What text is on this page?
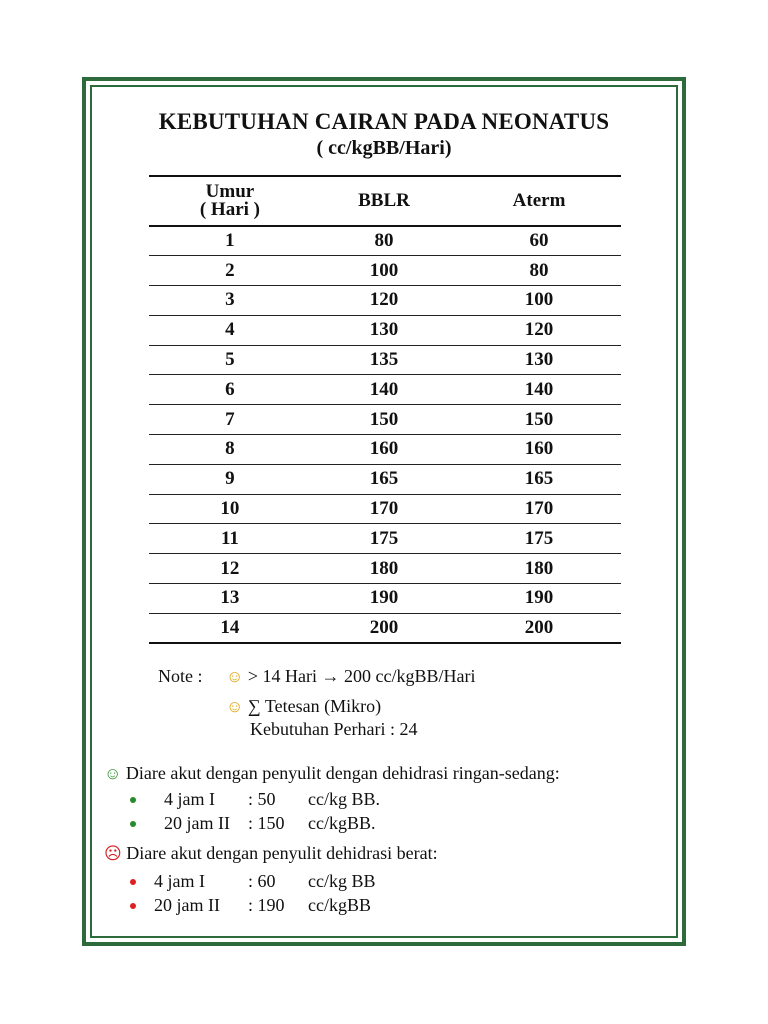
KEBUTUHAN CAIRAN PADA NEONATUS
( cc/kgBB/Hari)
Umur
( Hari )	BBLR	Aterm
1	80	60
2	100	80
3	120	100
4	130	120
5	135	130
6	140	140
7	150	150
8	160	160
9	165	165
10	170	170
11	175	175
12	180	180
13	190	190
14	200	200
Note : ☺ > 14 Hari → 200 cc/kgBB/Hari
☺ ∑ Tetesan (Mikro)
Kebutuhan Perhari : 24
☺ Diare akut dengan penyulit dengan dehidrasi ringan-sedang:
4 jam I : 50 cc/kg BB.
20 jam II : 150 cc/kgBB.
☹ Diare akut dengan penyulit dehidrasi berat:
4 jam I : 60 cc/kg BB
20 jam II : 190 cc/kgBB
